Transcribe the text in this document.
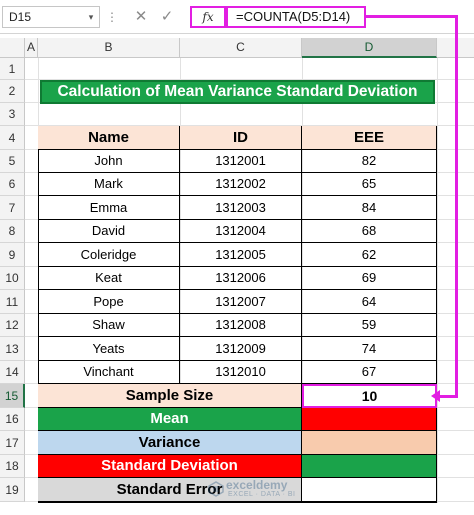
D15	▾	⋮ ✕ ✓	fx	=COUNTA(D5:D14)
A	B	C	D
1
2
3
4
5
6
7
8
9
10
11
12
13
14
15
16
17
18
19
Calculation of Mean Variance Standard Deviation
Name	ID	EEE
John	1312001	82
Mark	1312002	65
Emma	1312003	84
David	1312004	68
Coleridge	1312005	62
Keat	1312006	69
Pope	1312007	64
Shaw	1312008	59
Yeats	1312009	74
Vinchant	1312010	67
Sample Size	10
Mean
Variance
Standard Deviation
Standard Error exceldemy
EXCEL · DATA · BI
